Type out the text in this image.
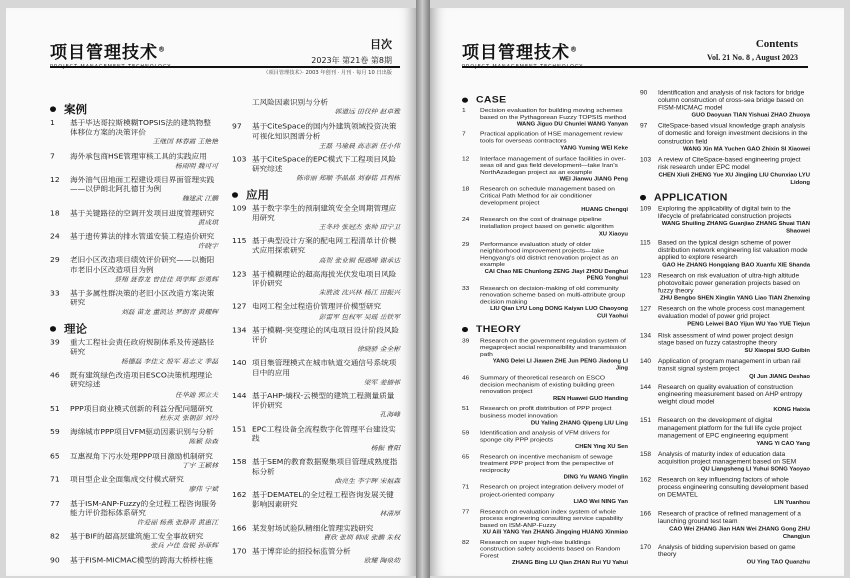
项目管理技术®
PROJECT MANAGEMENT TECHNOLOGY
目次
2023年 第21卷 第8期
（项目管理技术）· 2003 年创刊 · 月刊 · 每月 10 日出版
案例
1	基于毕达哥拉斯模糊TOPSIS法的建筑物整体移位方案的决策评价
王继国 林春霞 王艳艳
7	海外承包商HSE管理审核工具的实践应用
杨雨明 魏可可
12	海外油气田地面工程建设项目界面管理实践——以伊朗北阿扎德甘为例
魏建武 江鹏
18	基于关键路径的空调开发项目进度管理研究
黄成琪
24	基于遗传算法的排水管道安装工程造价研究
许晓宇
29	老旧小区改造项目绩效评价研究——以衡阳市老旧小区改造项目为例
蔡翔 聂春龙 曾佳佳 周学辉 彭勇辉
33	基于多属性群决策的老旧小区改造方案决策研究
刘磊 苗龙 董凯达 罗朗青 黄耀辉
理论
39	重大工程社会责任政府规制体系及传递路径研究
杨德磊 李佳文 殷军 葛志文 季磊
46	既有建筑绿色改造项目ESCO决策机理理论研究综述
任华迪 郭立夫
51	PPP项目商业模式创新的利益分配问题研究
杜东灵 张朝彭 刘玲
59	海绵城市PPP项目VFM驱动因素识别与分析
陈颖 徐森
65	互惠视角下污水处理PPP项目激励机制研究
丁宇 王颖林
71	项目型企业全面集成交付模式研究
廖伟 宁斌
77	基于ISM-ANP-Fuzzy的全过程工程咨询服务能力评价指标体系研究
许爱丽 杨燕 张静青 黄惠江
82	基于BIF的超高层建筑施工安全事故研究
张兵 卢佳 詹锐 孙菲辉
90	基于FISM-MICMAC模型的跨海大桥桥柱施
工风险因素识别与分析
郭道远 田仅仲 赵卓雅
97	基于CiteSpace的国内外建筑领域投资决策可视化知识图谱分析
王磊 马瑜晨 高志新 任小伟
103 基于CiteSpace的EPC模式下工程项目风险研究综述
陈帝丽 郑顺 李晶晶 刘春铭 吕利栋
应用
109 基于数字孪生的预制建筑安全全周期管理应用研究
王冬玲 张冠杰 张帅 田宁卫
115 基于典型设计方案的配电网工程清单计价模式应用探索研究
高贺 张业铜 倪遇晞 谢承达
123 基于模糊理论的超高海拔光伏发电项目风险评价研究
朱胜波 沈兴林 杨江 田振兴
127 电网工程全过程造价管理评价模型研究
彭雷军 包权军 吴瑶 岳铁军
134 基于模糊-突变理论的风电项目设计阶段风险评价
徐晓骄 金全彬
140 项目集管理模式在城市轨道交通信号系统项目中的应用
梁军 姜德邨
144 基于AHP-熵权-云模型的建筑工程测量质量评价研究
孔海峰
151 EPC工程设备全流程数字化管理平台建设实践
杨振 曹阳
158 基于SEM的教育数据聚集项目管理成熟度指标分析
曲亮生 李宇晖 宋福森
162 基于DEMATEL的全过程工程咨询发展关键影响因素研究
林清厚
166 某发射场试验队精细化管理实践研究
曹欣 张圳 韩成 张鹏 朱权
170 基于博弈论的招投标监管分析
欧耀 陶泉幼
项目管理技术®
PROJECT MANAGEMENT TECHNOLOGY
Contents
Vol. 21 No. 8 , August 2023
CASE
1	Decision evaluation for building moving schemes based on the Pythagorean Fuzzy TOPSIS method
WANG Jiguo DU Chunlei WANG Yanyan
7	Practical application of HSE management review tools for overseas contractors
YANG Yuming WEI Keke
12	Interface management of surface facilities in over-seas oil and gas field development—take Iran's NorthAzadegan project as an example
WEI Jianwu JIANG Peng
18	Research on schedule management based on Critical Path Method for air conditioner development project
HUANG Chengqi
24	Research on the cost of drainage pipeline installation project based on genetic algorithm
XU Xiaoyu
29	Performance evaluation study of older neighborhood improvement projects—take Hengyang's old district renovation project as an example
CAI Chao NIE Chunlong ZENG Jiayi ZHOU Denghui PENG Yonghui
33	Research on decision-making of old community renovation scheme based on multi-attribute group decision making
LIU Qian LYU Long DONG Kaiyan LUO Chaoyong CUI Yaohui
THEORY
39	Research on the government regulation system of megaproject social responsibility and transmission path
YANG Delei LI Jiawen ZHE Jun PENG Jiadong LI Jing
46	Summary of theoretical research on ESCO decision mechanism of existing building green renovation project
REN Huawei GUO Handing
51	Research on profit distribution of PPP project business model innovation
DU Yaling ZHANG Qipeng LIU Ling
59	Identification and analysis of VFM drivers for sponge city PPP projects
CHEN Ying XU Sen
65	Research on incentive mechanism of sewage treatment PPP project from the perspective of reciprocity
DING Yu WANG Yinglin
71	Research on project integration delivery model of project-oriented company
LIAO Wei NING Yan
77	Research on evaluation index system of whole process engineering consulting service capability based on ISM-ANP-Fuzzy
XU Aili YANG Yan ZHANG Jingqing HUANG Xinmiao
82	Research on super high-rise buildings construction safety accidents based on Random Forest
ZHANG Bing LU Qian ZHAN Rui YU Yahui
90	Identification and analysis of risk factors for bridge column construction of cross-sea bridge based on FISM-MICMAC model
GUO Daoyuan TIAN Yishuai ZHAO Zhuoya
97	CiteSpace-based visual knowledge graph analysis of domestic and foreign investment decisions in the construction field
WANG Xin MA Yuchen GAO Zhixin SI Xiaowei
103	A review of CiteSpace-based engineering project risk research under EPC model
CHEN Xiuli ZHENG Yue XU Jingjing LIU Chunxiao LYU Lidong
APPLICATION
109	Exploring the applicability of digital twin to the lifecycle of prefabricated construction projects
WANG Shuiling ZHANG Guanjiao ZHANG Shuai TIAN Shaowei
115	Based on the typical design scheme of power distribution network engineering list valuation mode applied to explore research
GAO He ZHANG Hongqiang BAO Xuanfu XIE Shanda
123	Research on risk evaluation of ultra-high altitude photovoltaic power generation projects based on fuzzy theory
ZHU Bengbo SHEN Xinglin YANG Liao TIAN Zhenxing
127	Research on the whole process cost management evaluation model of power grid project
PENG Leiwei BAO Yijun WU Yao YUE Tiejun
134	Risk assessment of wind power project design stage based on fuzzy catastrophe theory
SU Xiaopai SUO Guibin
140	Application of program management in urban rail transit signal system project
QI Jun JIANG Deshao
144	Research on quality evaluation of construction engineering measurement based on AHP entropy weight cloud model
KONG Haixia
151	Research on the development of digital management platform for the full life cycle project management of EPC engineering equipment
YANG Yi CAO Yang
158	Analysis of maturity index of education data acquisition project management based on SEM
QU Liangsheng LI Yuhui SONG Yaoyao
162	Research on key influencing factors of whole process engineering consulting development based on DEMATEL
LIN Yuanhou
166	Research of practice of refined management of a launching ground test team
CAO Wei ZHANG Jian HAN Wei ZHANG Gong ZHU Changjun
170	Analysis of bidding supervision based on game theory
OU Ying TAO Quanzhu
